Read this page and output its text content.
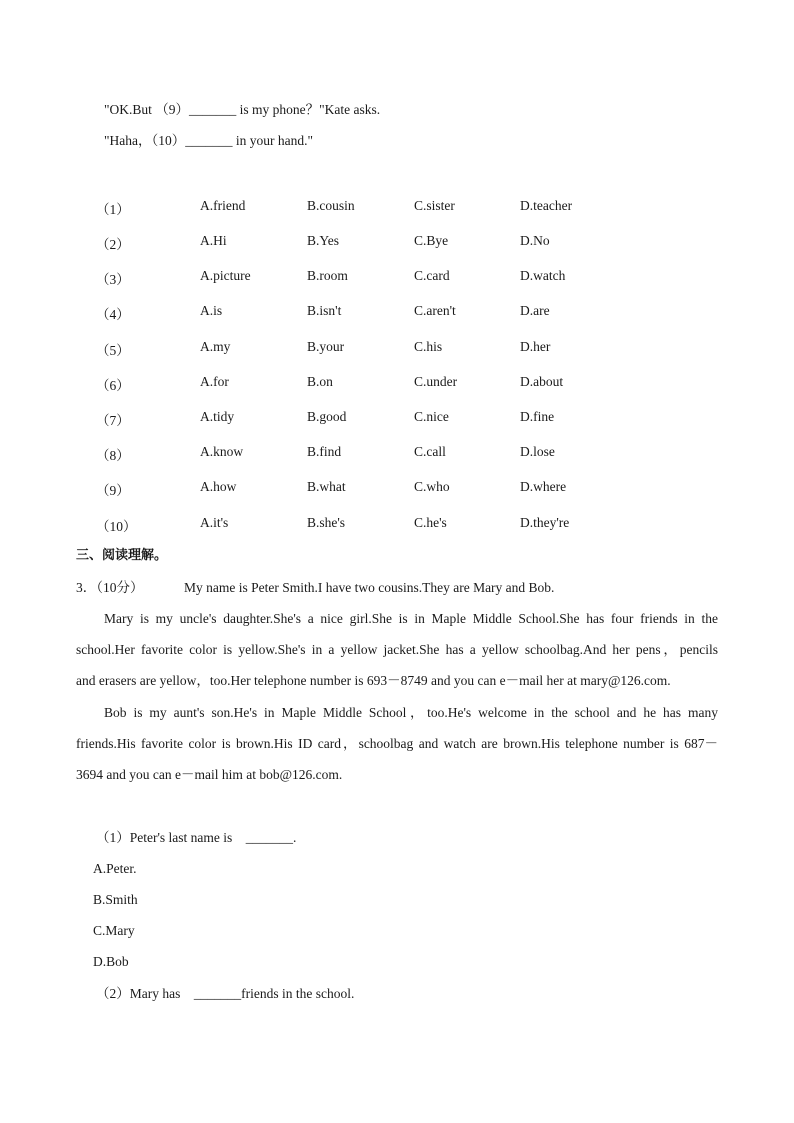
"OK.But （9）_______ is my phone？"Kate asks.
"Haha，（10）_______ in your hand."
（1）	A.friend	B.cousin	C.sister	D.teacher
（2）	A.Hi	B.Yes	C.Bye	D.No
（3）	A.picture	B.room	C.card	D.watch
（4）	A.is	B.isn't	C.aren't	D.are
（5）	A.my	B.your	C.his	D.her
（6）	A.for	B.on	C.under	D.about
（7）	A.tidy	B.good	C.nice	D.fine
（8）	A.know	B.find	C.call	D.lose
（9）	A.how	B.what	C.who	D.where
（10）	A.it's	B.she's	C.he's	D.they're
三、阅读理解。
3．（10分）	My name is Peter Smith.I have two cousins.They are Mary and Bob.
Mary is my uncle's daughter.She's a nice girl.She is in Maple Middle School.She has four friends in the
school.Her favorite color is yellow.She's in a yellow jacket.She has a yellow schoolbag.And her pens，pencils
and erasers are yellow，too.Her telephone number is 693－8749 and you can e－mail her at mary@126.com.
Bob is my aunt's son.He's in Maple Middle School，too.He's welcome in the school and he has many
friends.His favorite color is brown.His ID card，schoolbag and watch are brown.His telephone number is 687－
3694 and you can e－mail him at bob@126.com.
（1）Peter's last name is　_______.
A.Peter.
B.Smith
C.Mary
D.Bob
（2）Mary has　_______friends in the school.
